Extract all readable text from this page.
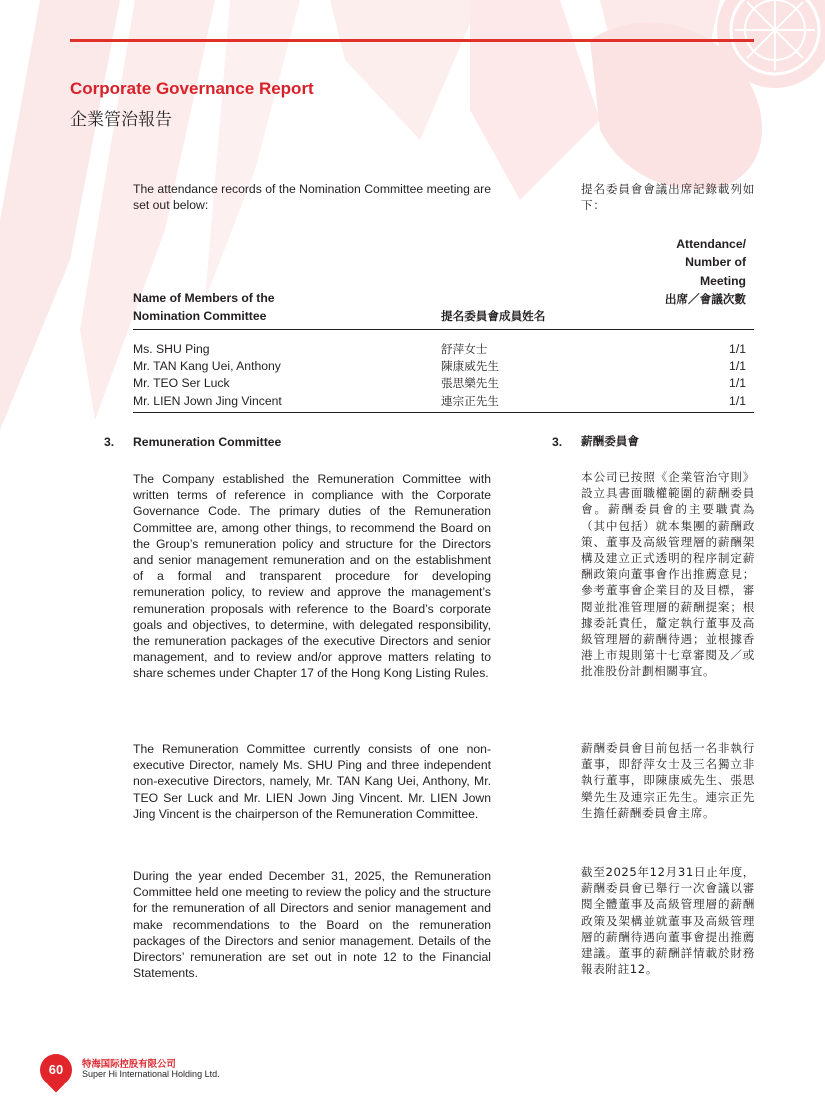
Corporate Governance Report
企業管治報告
The attendance records of the Nomination Committee meeting are set out below:
提名委員會會議出席記錄載列如下：
Name of Members of the Nomination Committee	提名委員會成員姓名
Attendance/ Number of Meeting
出席／會議次數
Ms. SHU Ping	舒萍女士	1/1
Mr. TAN Kang Uei, Anthony	陳康威先生	1/1
Mr. TEO Ser Luck	張思樂先生	1/1
Mr. LIEN Jown Jing Vincent	連宗正先生	1/1
3. Remuneration Committee	3. 薪酬委員會
The Company established the Remuneration Committee with written terms of reference in compliance with the Corporate Governance Code. The primary duties of the Remuneration Committee are, among other things, to recommend the Board on the Group’s remuneration policy and structure for the Directors and senior management remuneration and on the establishment of a formal and transparent procedure for developing remuneration policy, to review and approve the management’s remuneration proposals with reference to the Board’s corporate goals and objectives, to determine, with delegated responsibility, the remuneration packages of the executive Directors and senior management, and to review and/or approve matters relating to share schemes under Chapter 17 of the Hong Kong Listing Rules.
The Remuneration Committee currently consists of one non-executive Director, namely Ms. SHU Ping and three independent non-executive Directors, namely, Mr. TAN Kang Uei, Anthony, Mr. TEO Ser Luck and Mr. LIEN Jown Jing Vincent. Mr. LIEN Jown Jing Vincent is the chairperson of the Remuneration Committee.
During the year ended December 31, 2025, the Remuneration Committee held one meeting to review the policy and the structure for the remuneration of all Directors and senior management and make recommendations to the Board on the remuneration packages of the Directors and senior management. Details of the Directors’ remuneration are set out in note 12 to the Financial Statements.
本公司已按照《企業管治守則》設立具書面職權範圍的薪酬委員會。薪酬委員會的主要職責為（其中包括）就本集團的薪酬政策、董事及高級管理層的薪酬架構及建立正式透明的程序制定薪酬政策向董事會作出推薦意見；參考董事會企業目的及目標，審閱並批准管理層的薪酬提案；根據委託責任，釐定執行董事及高級管理層的薪酬待遇；並根據香港上市規則第十七章審閱及／或批准股份計劃相關事宜。
薪酬委員會目前包括一名非執行董事，即舒萍女士及三名獨立非執行董事，即陳康威先生、張思樂先生及連宗正先生。連宗正先生擔任薪酬委員會主席。
截至2025年12月31日止年度，薪酬委員會已舉行一次會議以審閱全體董事及高級管理層的薪酬政策及架構並就董事及高級管理層的薪酬待遇向董事會提出推薦建議。董事的薪酬詳情載於財務報表附註12。
60	特海国际控股有限公司
Super Hi International Holding Ltd.
